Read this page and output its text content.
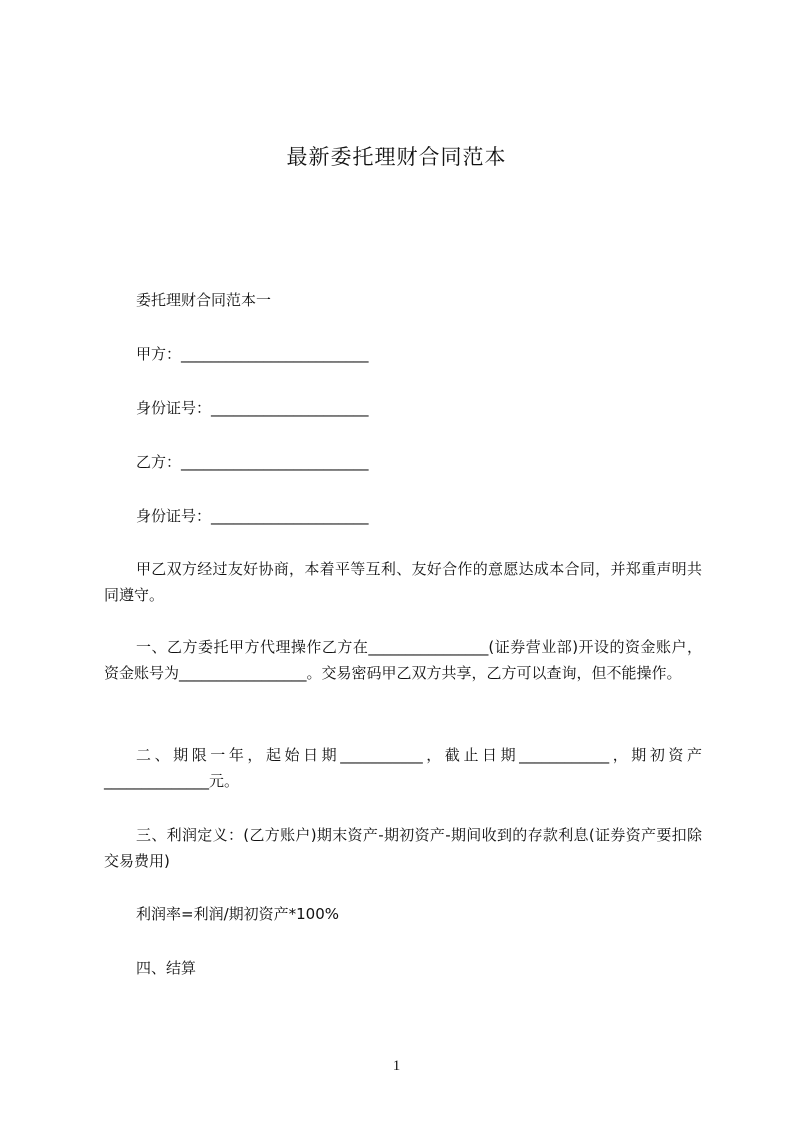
最新委托理财合同范本

委托理财合同范本一

甲方：_________________________

身份证号：_____________________

乙方：_________________________

身份证号：_____________________

甲乙双方经过友好协商，本着平等互利、友好合作的意愿达成本合同，并郑重声明共同遵守。

一、乙方委托甲方代理操作乙方在________________(证券营业部)开设的资金账户，资金账号为_________________。交易密码甲乙双方共享，乙方可以查询，但不能操作。

二、期限一年，起始日期___________，截止日期____________，期初资产______________元。

三、利润定义：(乙方账户)期末资产-期初资产-期间收到的存款利息(证券资产要扣除交易费用)

利润率=利润/期初资产*100%

四、结算

1
